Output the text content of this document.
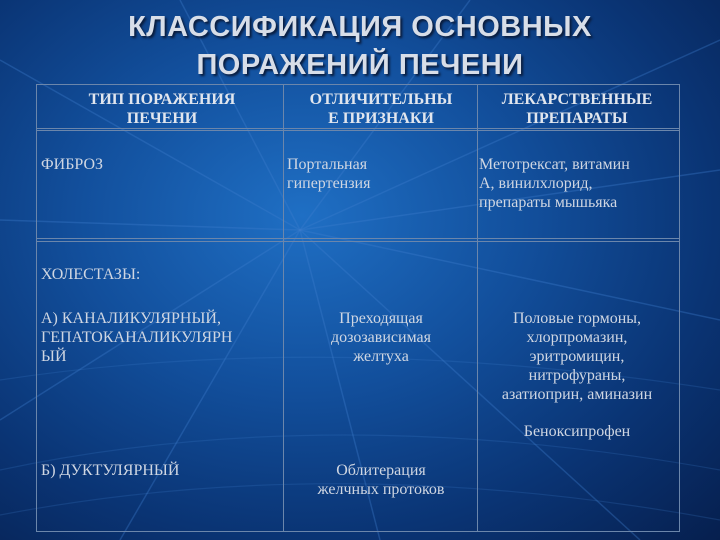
КЛАССИФИКАЦИЯ ОСНОВНЫХ
ПОРАЖЕНИЙ ПЕЧЕНИ
ТИП ПОРАЖЕНИЯ
ПЕЧЕНИ
ОТЛИЧИТЕЛЬНЫ
Е ПРИЗНАКИ
ЛЕКАРСТВЕННЫЕ
ПРЕПАРАТЫ
ФИБРОЗ	Портальная
гипертензия
Метотрексат, витамин
А, винилхлорид,
препараты мышьяка
ХОЛЕСТАЗЫ:
А) КАНАЛИКУЛЯРНЫЙ,
ГЕПАТОКАНАЛИКУЛЯРН
ЫЙ
Преходящая
дозозависимая
желтуха
Половые гормоны,
хлорпромазин,
эритромицин,
нитрофураны,
азатиоприн, аминазин
Беноксипрофен
Б) ДУКТУЛЯРНЫЙ	Облитерация
желчных протоков
